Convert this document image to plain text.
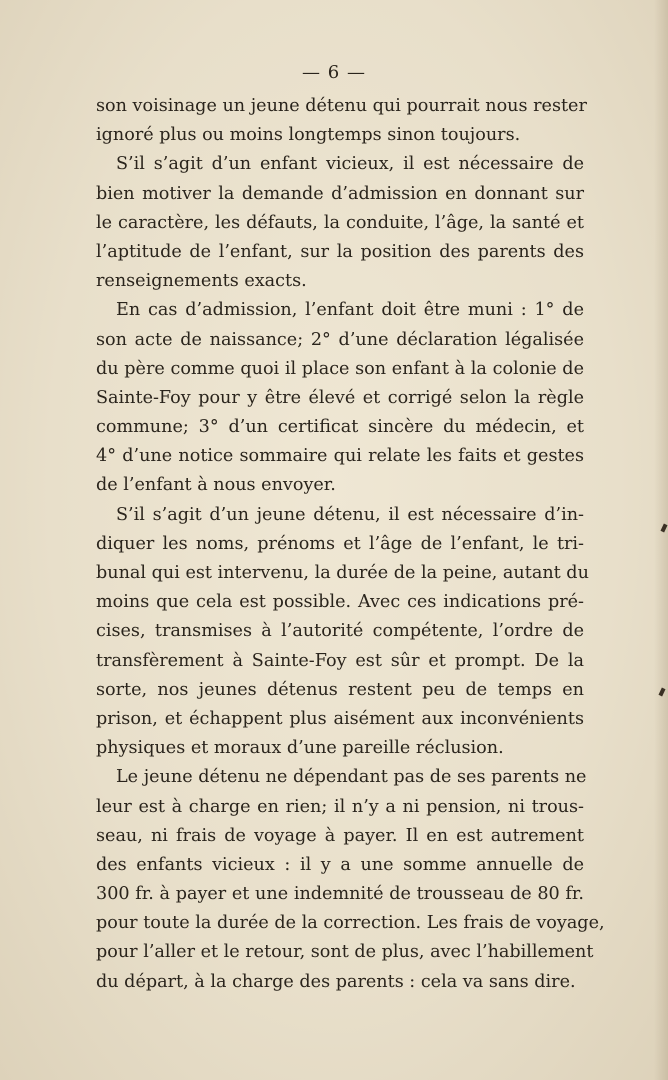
— 6 —
son voisinage un jeune détenu qui pourrait nous rester
ignoré plus ou moins longtemps sinon toujours.
S’il s’agit d’un enfant vicieux, il est nécessaire de
bien motiver la demande d’admission en donnant sur
le caractère, les défauts, la conduite, l’âge, la santé et
l’aptitude de l’enfant, sur la position des parents des
renseignements exacts.
En cas d’admission, l’enfant doit être muni : 1° de
son acte de naissance; 2° d’une déclaration légalisée
du père comme quoi il place son enfant à la colonie de
Sainte-Foy pour y être élevé et corrigé selon la règle
commune; 3° d’un certificat sincère du médecin, et
4° d’une notice sommaire qui relate les faits et gestes
de l’enfant à nous envoyer.
S’il s’agit d’un jeune détenu, il est nécessaire d’in-
diquer les noms, prénoms et l’âge de l’enfant, le tri-
bunal qui est intervenu, la durée de la peine, autant du
moins que cela est possible. Avec ces indications pré-
cises, transmises à l’autorité compétente, l’ordre de
transfèrement à Sainte-Foy est sûr et prompt. De la
sorte, nos jeunes détenus restent peu de temps en
prison, et échappent plus aisément aux inconvénients
physiques et moraux d’une pareille réclusion.
Le jeune détenu ne dépendant pas de ses parents ne
leur est à charge en rien; il n’y a ni pension, ni trous-
seau, ni frais de voyage à payer. Il en est autrement
des enfants vicieux : il y a une somme annuelle de
300 fr. à payer et une indemnité de trousseau de 80 fr.
pour toute la durée de la correction. Les frais de voyage,
pour l’aller et le retour, sont de plus, avec l’habillement
du départ, à la charge des parents : cela va sans dire.
